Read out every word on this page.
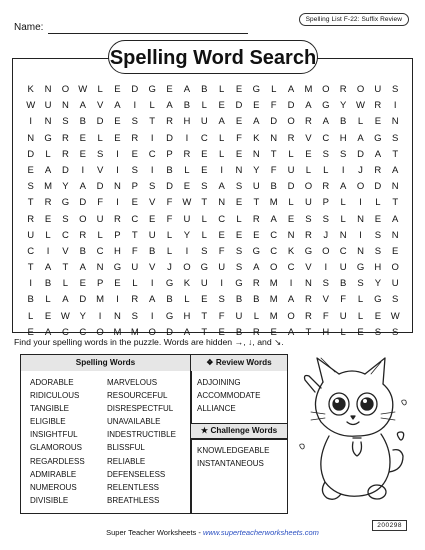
Name:
Spelling List F-22: Suffix Review
Spelling Word Search
K	N	O W	L	E	D	G	E	A	B	L	E	G	L	A	M	O	R	O	U	S
W U	N	A	V	A	I	L	A	B	L	E	D	E	F	D	A	G	Y	W R	I
I	N	S	B	D	E	S	T	R	H	U	A	E	A	D	O	R	A	B	L	E	N
N	G	R	E	L	E	R	I	D	I	C	L	F	K	N	R	V	C	H	A	G	S
D	L	R	E	S	I	E	C	P	R	E	L	E	N	T	L	E	S	S	D	A	T
E	A	D	I	V	I	S	I	B	L	E	I	N	Y	F	U	L	L	I	J	R	A
S	M	Y	A	D	N	P	S	D	E	S	A	S	U	B	D	O	R	A	O	D	N
T	R	G	D	F	I	E	V	F	W	T	N	E	T	M	L	U	P	L	I	L	T
R	E	S	O	U	R	C	E	F	U	L	C	L	R	A	E	S	S	L	N	E	A
U	L	C	R	L	P	T	U	L	Y	L	E	E	E	C	N	R	J	N	I	S	N
C	I	V	B	C	H	F	B	L	I	S	F	S	G	C	K	G	O	C	N	S	E
T	A	T	A	N	G	U	V	J	O	G	U	S	A	O	C	V	I	U	G	H	O
I	B	L	E	P	E	L	I	G	K	U	I	G	R	M	I	N	S	B	S	Y	U
B	L	A	D	M	I	R	A	B	L	E	S	B	B	M	A	R	V	F	L	G	S
L	E	W	Y	I	N	S	I	G	H	T	F	U	L	M	O	R	F	U	L	E	W
E	A	C	C	O	M M	O	D	A	T	E	B	R	E	A	T	H	L	E	S	S
Find your spelling words in the puzzle. Words are hidden →, ↓, and ↘.
Spelling Words	❖ Review Words
★ Challenge Words
ADORABLE
RIDICULOUS
TANGIBLE
ELIGIBLE
INSIGHTFUL
GLAMOROUS
REGARDLESS
ADMIRABLE
NUMEROUS
DIVISIBLE
MARVELOUS
RESOURCEFUL
DISRESPECTFUL
UNAVAILABLE
INDESTRUCTIBLE
BLISSFUL
RELIABLE
DEFENSELESS
RELENTLESS
BREATHLESS
ADJOINING
ACCOMMODATE
ALLIANCE
KNOWLEDGEABLE
INSTANTANEOUS
Super Teacher Worksheets - www.superteacherworksheets.com
200298
